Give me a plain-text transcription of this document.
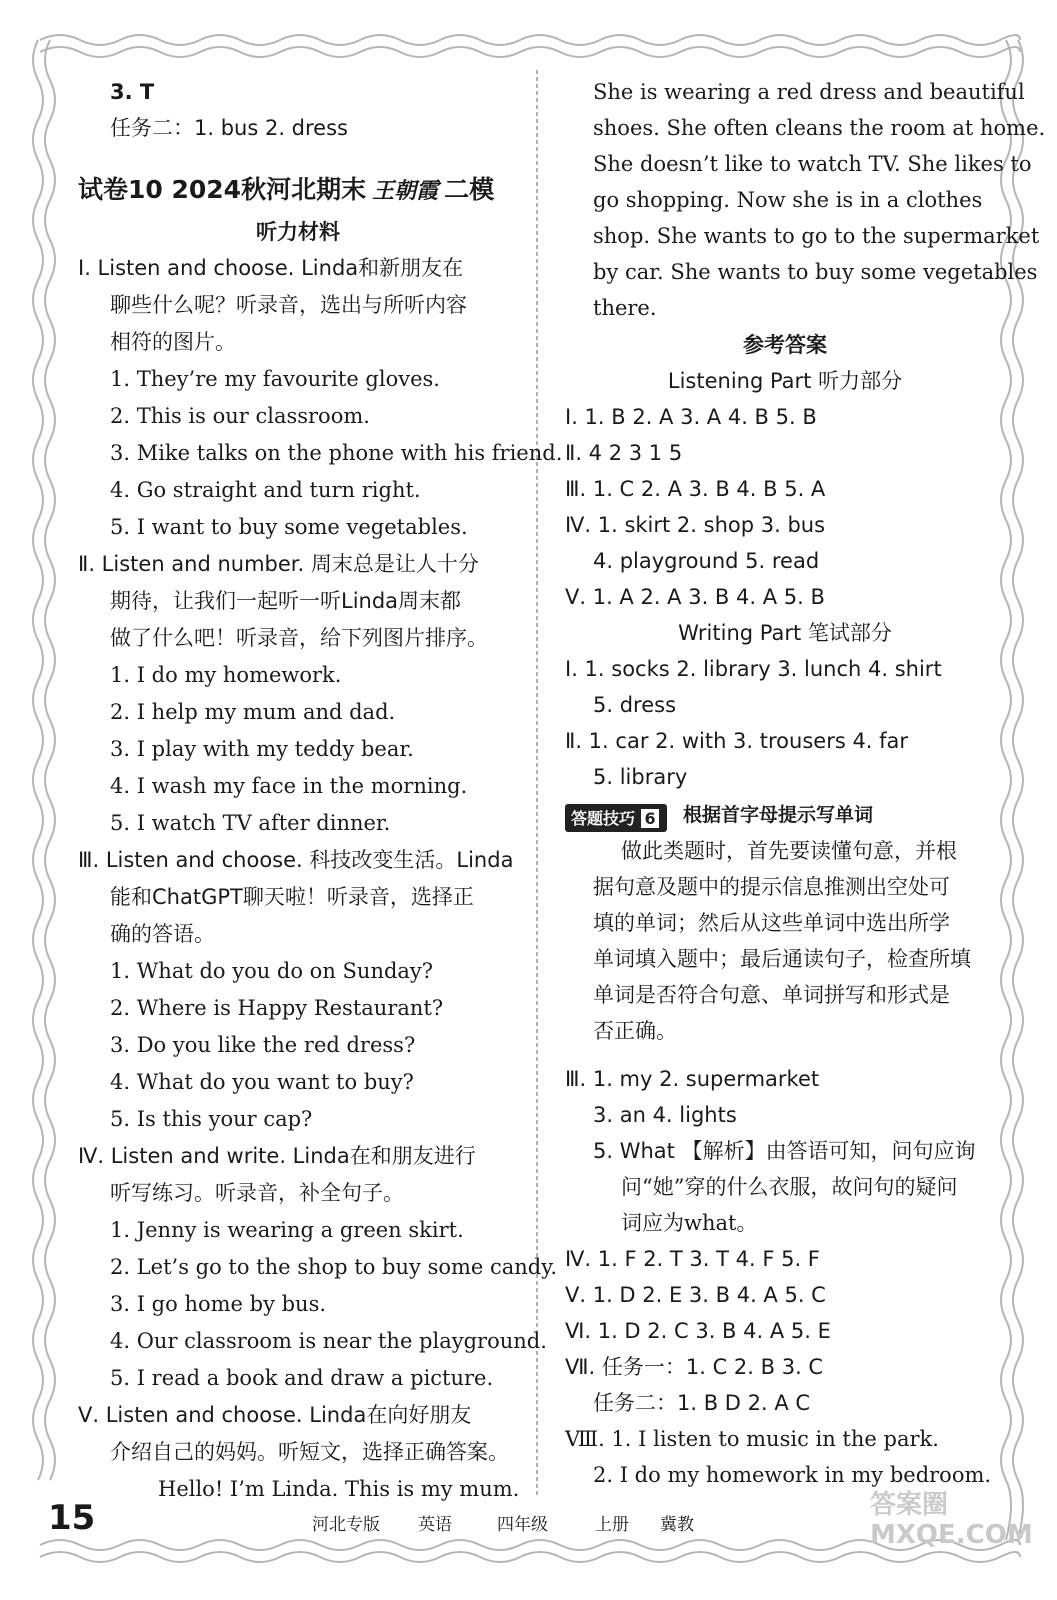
3. T
任务二：1. bus 2. dress
试卷10 2024秋河北期末 王朝霞 二模
听力材料
Ⅰ. Listen and choose. Linda和新朋友在
聊些什么呢？听录音，选出与所听内容
相符的图片。
1. They’re my favourite gloves.
2. This is our classroom.
3. Mike talks on the phone with his friend.
4. Go straight and turn right.
5. I want to buy some vegetables.
Ⅱ. Listen and number. 周末总是让人十分
期待，让我们一起听一听Linda周末都
做了什么吧！听录音，给下列图片排序。
1. I do my homework.
2. I help my mum and dad.
3. I play with my teddy bear.
4. I wash my face in the morning.
5. I watch TV after dinner.
Ⅲ. Listen and choose. 科技改变生活。Linda
能和ChatGPT聊天啦！听录音，选择正
确的答语。
1. What do you do on Sunday?
2. Where is Happy Restaurant?
3. Do you like the red dress?
4. What do you want to buy?
5. Is this your cap?
Ⅳ. Listen and write. Linda在和朋友进行
听写练习。听录音，补全句子。
1. Jenny is wearing a green skirt.
2. Let’s go to the shop to buy some candy.
3. I go home by bus.
4. Our classroom is near the playground.
5. I read a book and draw a picture.
Ⅴ. Listen and choose. Linda在向好朋友
介绍自己的妈妈。听短文，选择正确答案。
Hello! I’m Linda. This is my mum.
She is wearing a red dress and beautiful
shoes. She often cleans the room at home.
She doesn’t like to watch TV. She likes to
go shopping. Now she is in a clothes
shop. She wants to go to the supermarket
by car. She wants to buy some vegetables
there.
参考答案
Listening Part 听力部分
Ⅰ. 1. B 2. A 3. A 4. B 5. B
Ⅱ. 4 2 3 1 5
Ⅲ. 1. C 2. A 3. B 4. B 5. A
Ⅳ. 1. skirt 2. shop 3. bus
4. playground 5. read
Ⅴ. 1. A 2. A 3. B 4. A 5. B
Writing Part 笔试部分
Ⅰ. 1. socks 2. library 3. lunch 4. shirt
5. dress
Ⅱ. 1. car 2. with 3. trousers 4. far
5. library
答题技巧 6	根据首字母提示写单词
做此类题时，首先要读懂句意，并根
据句意及题中的提示信息推测出空处可
填的单词；然后从这些单词中选出所学
单词填入题中；最后通读句子，检查所填
单词是否符合句意、单词拼写和形式是
否正确。
Ⅲ. 1. my 2. supermarket
3. an 4. lights
5. What 【解析】由答语可知，问句应询
问“她”穿的什么衣服，故问句的疑问
词应为what。
Ⅳ. 1. F 2. T 3. T 4. F 5. F
Ⅴ. 1. D 2. E 3. B 4. A 5. C
Ⅵ. 1. D 2. C 3. B 4. A 5. E
Ⅶ. 任务一：1. C 2. B 3. C
任务二：1. B D 2. A C
Ⅷ. 1. I listen to music in the park.
2. I do my homework in my bedroom.
15	河北专版 英语	四年级	上册 冀教
答案圈 MXQE.COM
